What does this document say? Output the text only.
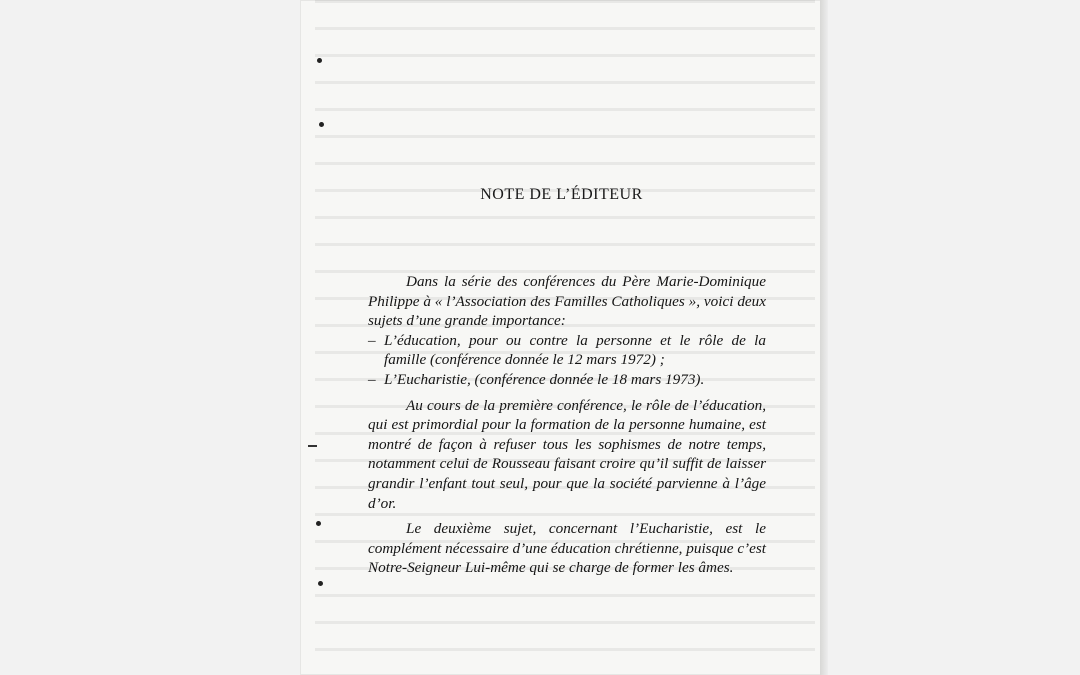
NOTE DE L’ÉDITEUR

Dans la série des conférences du Père Marie-Dominique Philippe à « l’Association des Familles Catholiques », voici deux sujets d’une grande importance:

– L’éducation, pour ou contre la personne et le rôle de la famille (conférence donnée le 12 mars 1972) ;
– L’Eucharistie, (conférence donnée le 18 mars 1973).

Au cours de la première conférence, le rôle de l’éducation, qui est primordial pour la formation de la personne humaine, est montré de façon à refuser tous les sophismes de notre temps, notamment celui de Rousseau faisant croire qu’il suffit de laisser grandir l’enfant tout seul, pour que la société parvienne à l’âge d’or.

Le deuxième sujet, concernant l’Eucharistie, est le complément nécessaire d’une éducation chrétienne, puisque c’est Notre-Seigneur Lui-même qui se charge de former les âmes.
